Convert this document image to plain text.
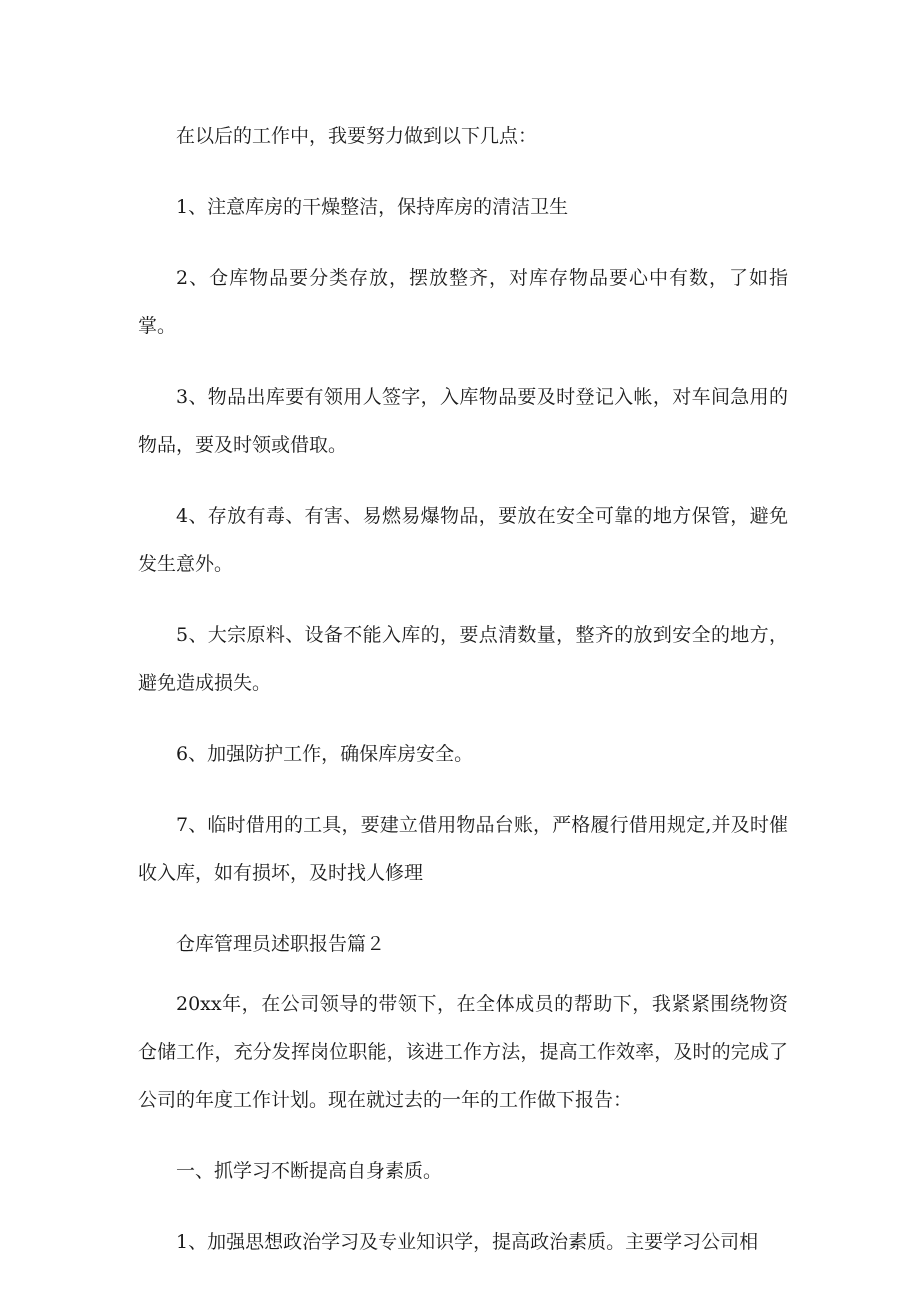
在以后的工作中，我要努力做到以下几点：

1、注意库房的干燥整洁，保持库房的清洁卫生

2、仓库物品要分类存放，摆放整齐，对库存物品要心中有数，了如指掌。

3、物品出库要有领用人签字，入库物品要及时登记入帐，对车间急用的物品，要及时领或借取。

4、存放有毒、有害、易燃易爆物品，要放在安全可靠的地方保管，避免发生意外。

5、大宗原料、设备不能入库的，要点清数量，整齐的放到安全的地方，避免造成损失。

6、加强防护工作，确保库房安全。

7、临时借用的工具，要建立借用物品台账，严格履行借用规定,并及时催收入库，如有损坏，及时找人修理

仓库管理员述职报告篇２

20xx年，在公司领导的带领下，在全体成员的帮助下，我紧紧围绕物资仓储工作，充分发挥岗位职能，该进工作方法，提高工作效率，及时的完成了公司的年度工作计划。现在就过去的一年的工作做下报告：

一、抓学习不断提高自身素质。

1、加强思想政治学习及专业知识学，提高政治素质。主要学习公司相
